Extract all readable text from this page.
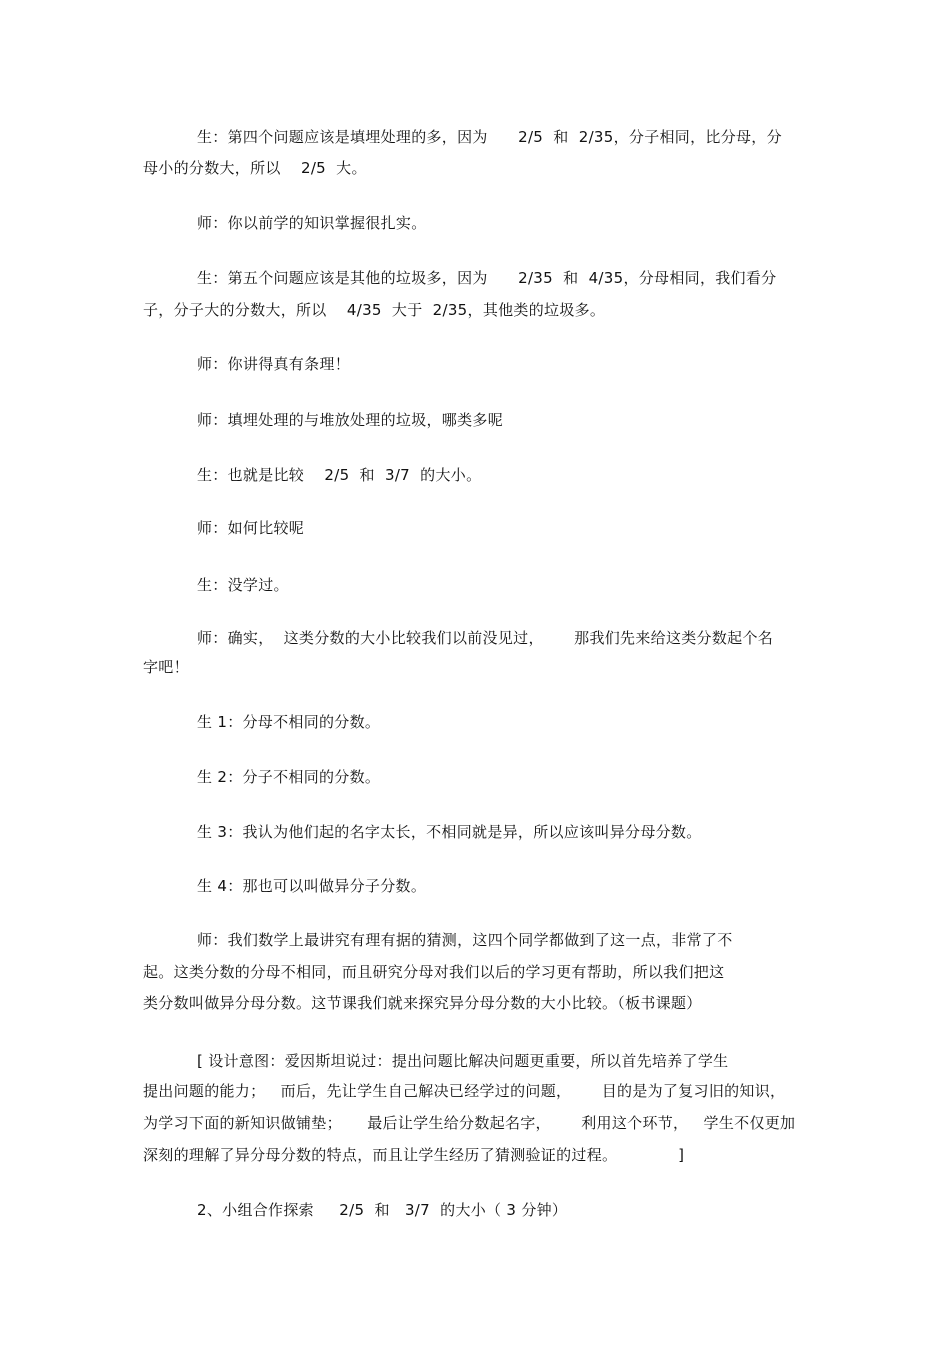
生：第四个问题应该是填埋处理的多，因为      2/5  和  2/35，分子相同，比分母，分

母小的分数大，所以    2/5  大。

师：你以前学的知识掌握很扎实。

生：第五个问题应该是其他的垃圾多，因为      2/35  和  4/35，分母相同，我们看分

子，分子大的分数大，所以    4/35  大于  2/35，其他类的垃圾多。

师：你讲得真有条理！

师：填埋处理的与堆放处理的垃圾，哪类多呢

生：也就是比较    2/5  和  3/7  的大小。

师：如何比较呢

生：没学过。

师：确实，  这类分数的大小比较我们以前没见过，      那我们先来给这类分数起个名

字吧！

生 1：分母不相同的分数。

生 2：分子不相同的分数。

生 3：我认为他们起的名字太长，不相同就是异，所以应该叫异分母分数。

生 4：那也可以叫做异分子分数。

师：我们数学上最讲究有理有据的猜测，这四个同学都做到了这一点，非常了不

起。这类分数的分母不相同，而且研究分母对我们以后的学习更有帮助，所以我们把这

类分数叫做异分母分数。这节课我们就来探究异分母分数的大小比较。（板书课题）

[ 设计意图：爱因斯坦说过：提出问题比解决问题更重要，所以首先培养了学生

提出问题的能力；   而后，先让学生自己解决已经学过的问题，      目的是为了复习旧的知识，

为学习下面的新知识做铺垫；     最后让学生给分数起名字，      利用这个环节，   学生不仅更加

深刻的理解了异分母分数的特点，而且让学生经历了猜测验证的过程。            ]

2、小组合作探索     2/5  和   3/7  的大小（ 3 分钟）
